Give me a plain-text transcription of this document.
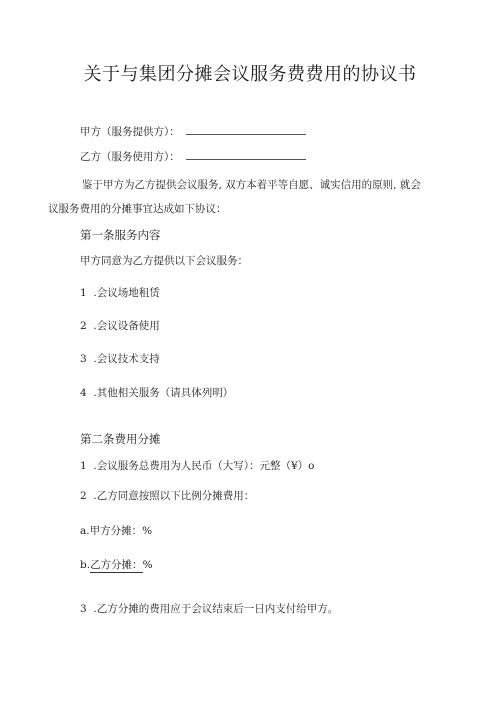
关于与集团分摊会议服务费费用的协议书
甲方（服务提供方）：
乙方（服务使用方）：
鉴于甲方为乙方提供会议服务, 双方本着平等自愿、诚实信用的原则, 就会
议服务费用的分摊事宜达成如下协议：
第一条服务内容
甲方同意为乙方提供以下会议服务：
1 .会议场地租赁
2 .会议设备使用
3 .会议技术支持
4 .其他相关服务（请具体列明）
第二条费用分摊
1 .会议服务总费用为人民币（大写）：元整（¥）o
2 .乙方同意按照以下比例分摊费用：
a.甲方分摊：%
b.乙方分摊：%
3 .乙方分摊的费用应于会议结束后一日内支付给甲方。
